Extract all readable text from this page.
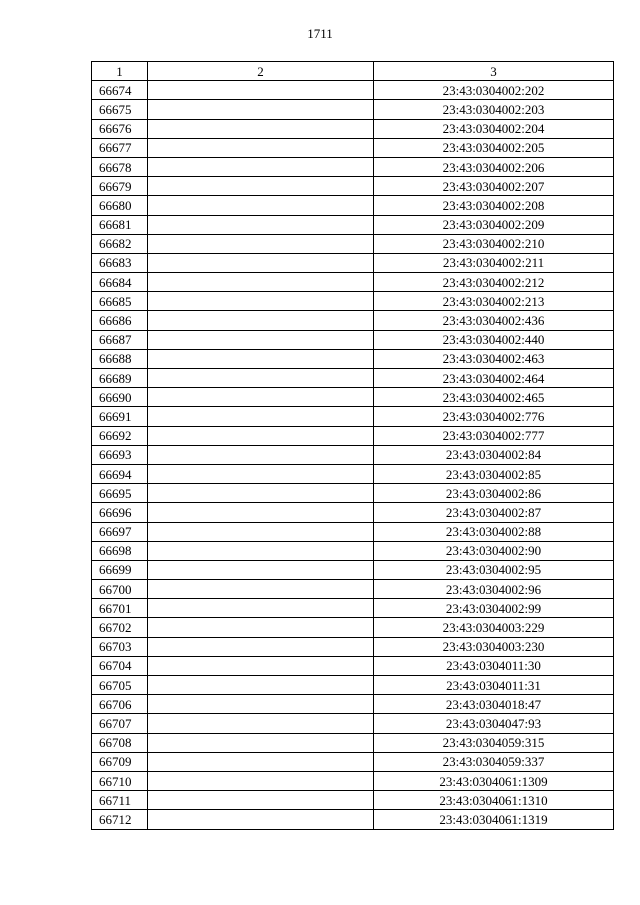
1711
1	2	3
66674		23:43:0304002:202
66675		23:43:0304002:203
66676		23:43:0304002:204
66677		23:43:0304002:205
66678		23:43:0304002:206
66679		23:43:0304002:207
66680		23:43:0304002:208
66681		23:43:0304002:209
66682		23:43:0304002:210
66683		23:43:0304002:211
66684		23:43:0304002:212
66685		23:43:0304002:213
66686		23:43:0304002:436
66687		23:43:0304002:440
66688		23:43:0304002:463
66689		23:43:0304002:464
66690		23:43:0304002:465
66691		23:43:0304002:776
66692		23:43:0304002:777
66693		23:43:0304002:84
66694		23:43:0304002:85
66695		23:43:0304002:86
66696		23:43:0304002:87
66697		23:43:0304002:88
66698		23:43:0304002:90
66699		23:43:0304002:95
66700		23:43:0304002:96
66701		23:43:0304002:99
66702		23:43:0304003:229
66703		23:43:0304003:230
66704		23:43:0304011:30
66705		23:43:0304011:31
66706		23:43:0304018:47
66707		23:43:0304047:93
66708		23:43:0304059:315
66709		23:43:0304059:337
66710		23:43:0304061:1309
66711		23:43:0304061:1310
66712		23:43:0304061:1319
